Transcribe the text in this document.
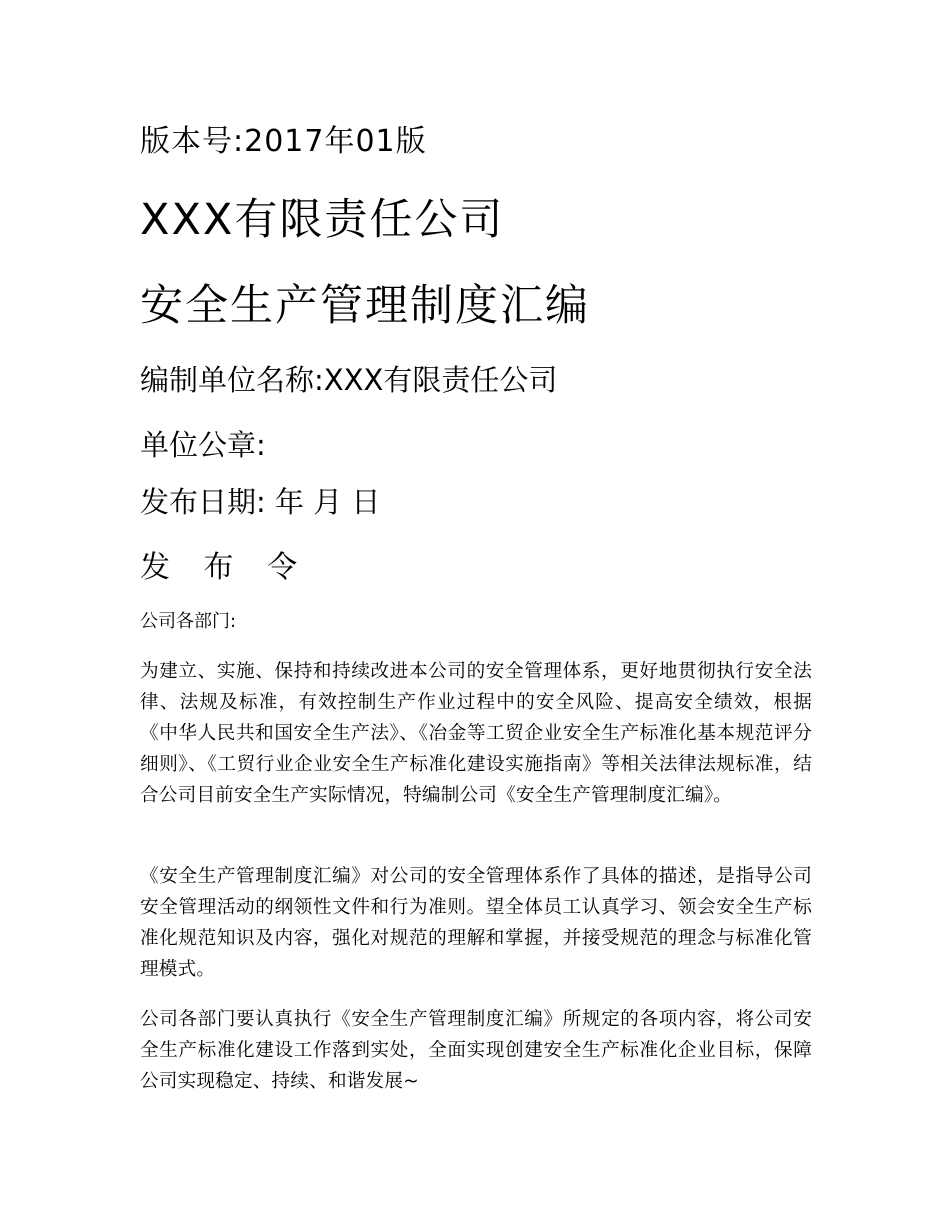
版本号:2017年01版

XXX有限责任公司
安全生产管理制度汇编

编制单位名称:XXX有限责任公司

单位公章:

发布日期: 年 月 日

发 布 令

公司各部门:

为建立、实施、保持和持续改进本公司的安全管理体系，更好地贯彻执行安全法律、法规及标准，有效控制生产作业过程中的安全风险、提高安全绩效，根据《中华人民共和国安全生产法》、《冶金等工贸企业安全生产标准化基本规范评分细则》、《工贸行业企业安全生产标准化建设实施指南》等相关法律法规标准，结合公司目前安全生产实际情况，特编制公司《安全生产管理制度汇编》。

《安全生产管理制度汇编》对公司的安全管理体系作了具体的描述，是指导公司安全管理活动的纲领性文件和行为准则。望全体员工认真学习、领会安全生产标准化规范知识及内容，强化对规范的理解和掌握，并接受规范的理念与标准化管理模式。

公司各部门要认真执行《安全生产管理制度汇编》所规定的各项内容，将公司安全生产标准化建设工作落到实处，全面实现创建安全生产标准化企业目标，保障公司实现稳定、持续、和谐发展~
